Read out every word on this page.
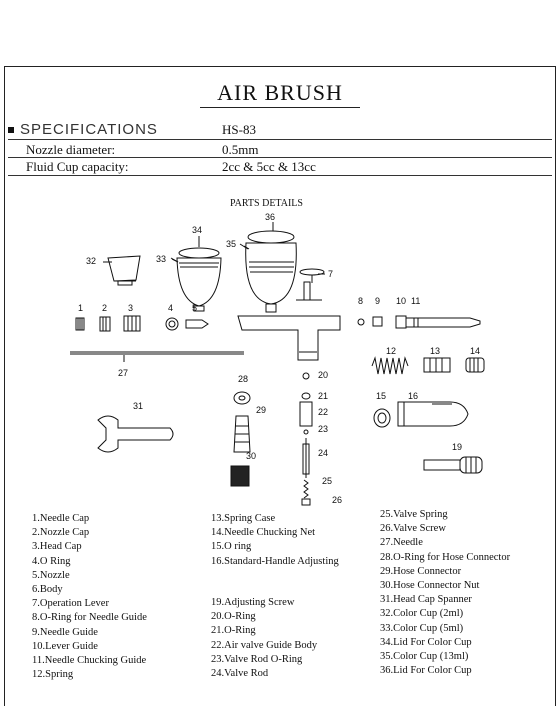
AIR BRUSH
SPECIFICATIONS	HS-83
Nozzle diameter:	0.5mm
Fluid Cup capacity:	2cc & 5cc & 13cc
PARTS DETAILS
1 2 3	4 5
7
8 9 10 11
12	13	14
15 16
19
20
21
22
23
24
25
26
27
28
29
30
31
32	33
34
35
36
1.Needle Cap
2.Nozzle Cap
3.Head Cap
4.O Ring
5.Nozzle
6.Body
7.Operation Lever
8.O-Ring for Needle Guide
9.Needle Guide
10.Lever Guide
11.Needle Chucking Guide
12.Spring
13.Spring Case
14.Needle Chucking Net
15.O ring
16.Standard-Handle Adjusting
19.Adjusting Screw
20.O-Ring
21.O-Ring
22.Air valve Guide Body
23.Valve Rod O-Ring
24.Valve Rod
25.Valve Spring
26.Valve Screw
27.Needle
28.O-Ring for Hose Connector
29.Hose Connector
30.Hose Connector Nut
31.Head Cap Spanner
32.Color Cup (2ml)
33.Color Cup (5ml)
34.Lid For Color Cup
35.Color Cup (13ml)
36.Lid For Color Cup
